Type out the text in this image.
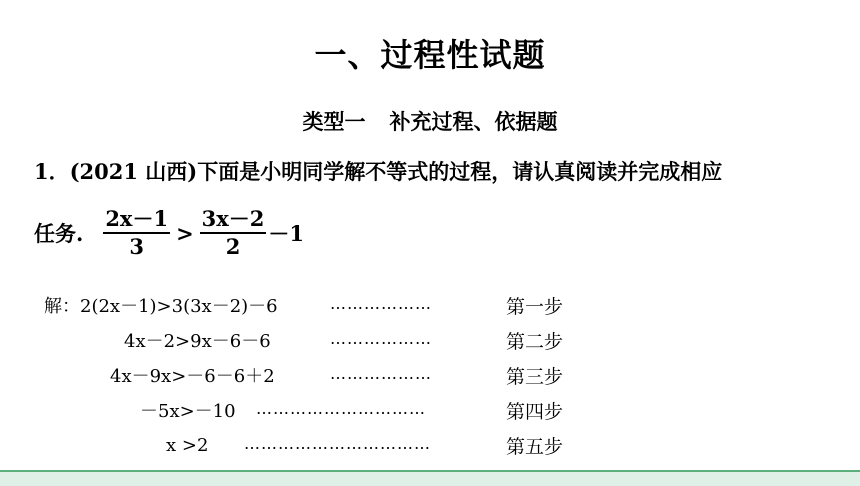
一、过程性试题
类型一 补充过程、依据题
1．(2021 山西)下面是小明同学解不等式的过程，请认真阅读并完成相应
任务. $\frac{2x-1}{3} > \frac{3x-2}{2} -1$
解：2(2x－1)>3(3x－2)－6	………………	第一步
4x－2>9x－6－6	………………	第二步
4x－9x>－6－6＋2	………………	第三步
－5x>－10 …………………………	第四步
x >2 ……………………………	第五步
